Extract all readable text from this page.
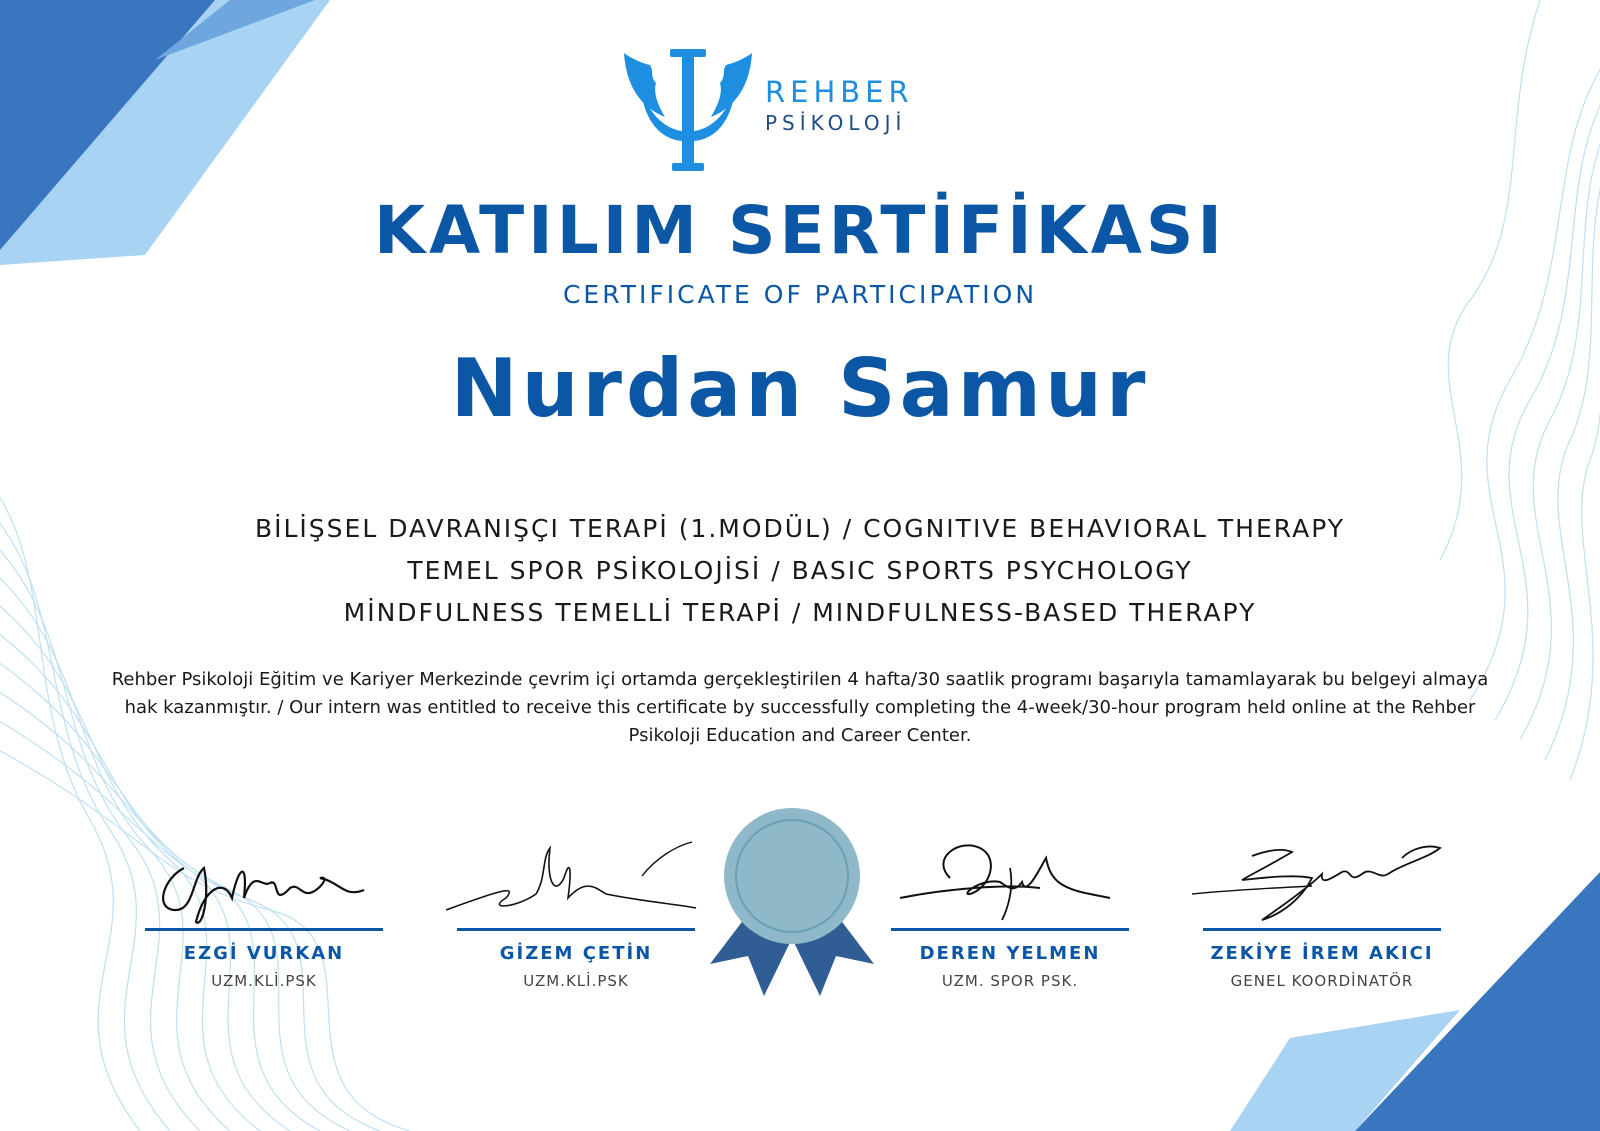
REHBER
PSİKOLOJİ
KATILIM SERTİFİKASI
CERTIFICATE OF PARTICIPATION
Nurdan Samur
BİLİŞSEL DAVRANIŞÇI TERAPİ (1.MODÜL) / COGNITIVE BEHAVIORAL THERAPY
TEMEL SPOR PSİKOLOJİSİ / BASIC SPORTS PSYCHOLOGY
MİNDFULNESS TEMELLİ TERAPİ / MINDFULNESS-BASED THERAPY
Rehber Psikoloji Eğitim ve Kariyer Merkezinde çevrim içi ortamda gerçekleştirilen 4 hafta/30 saatlik programı başarıyla tamamlayarak bu belgeyi almaya hak kazanmıştır. / Our intern was entitled to receive this certificate by successfully completing the 4-week/30-hour program held online at the Rehber Psikoloji Education and Career Center.
EZGİ VURKAN
UZM.KLİ.PSK
GİZEM ÇETİN
UZM.KLİ.PSK
DEREN YELMEN
UZM. SPOR PSK.
ZEKİYE İREM AKICI
GENEL KOORDİNATÖR
